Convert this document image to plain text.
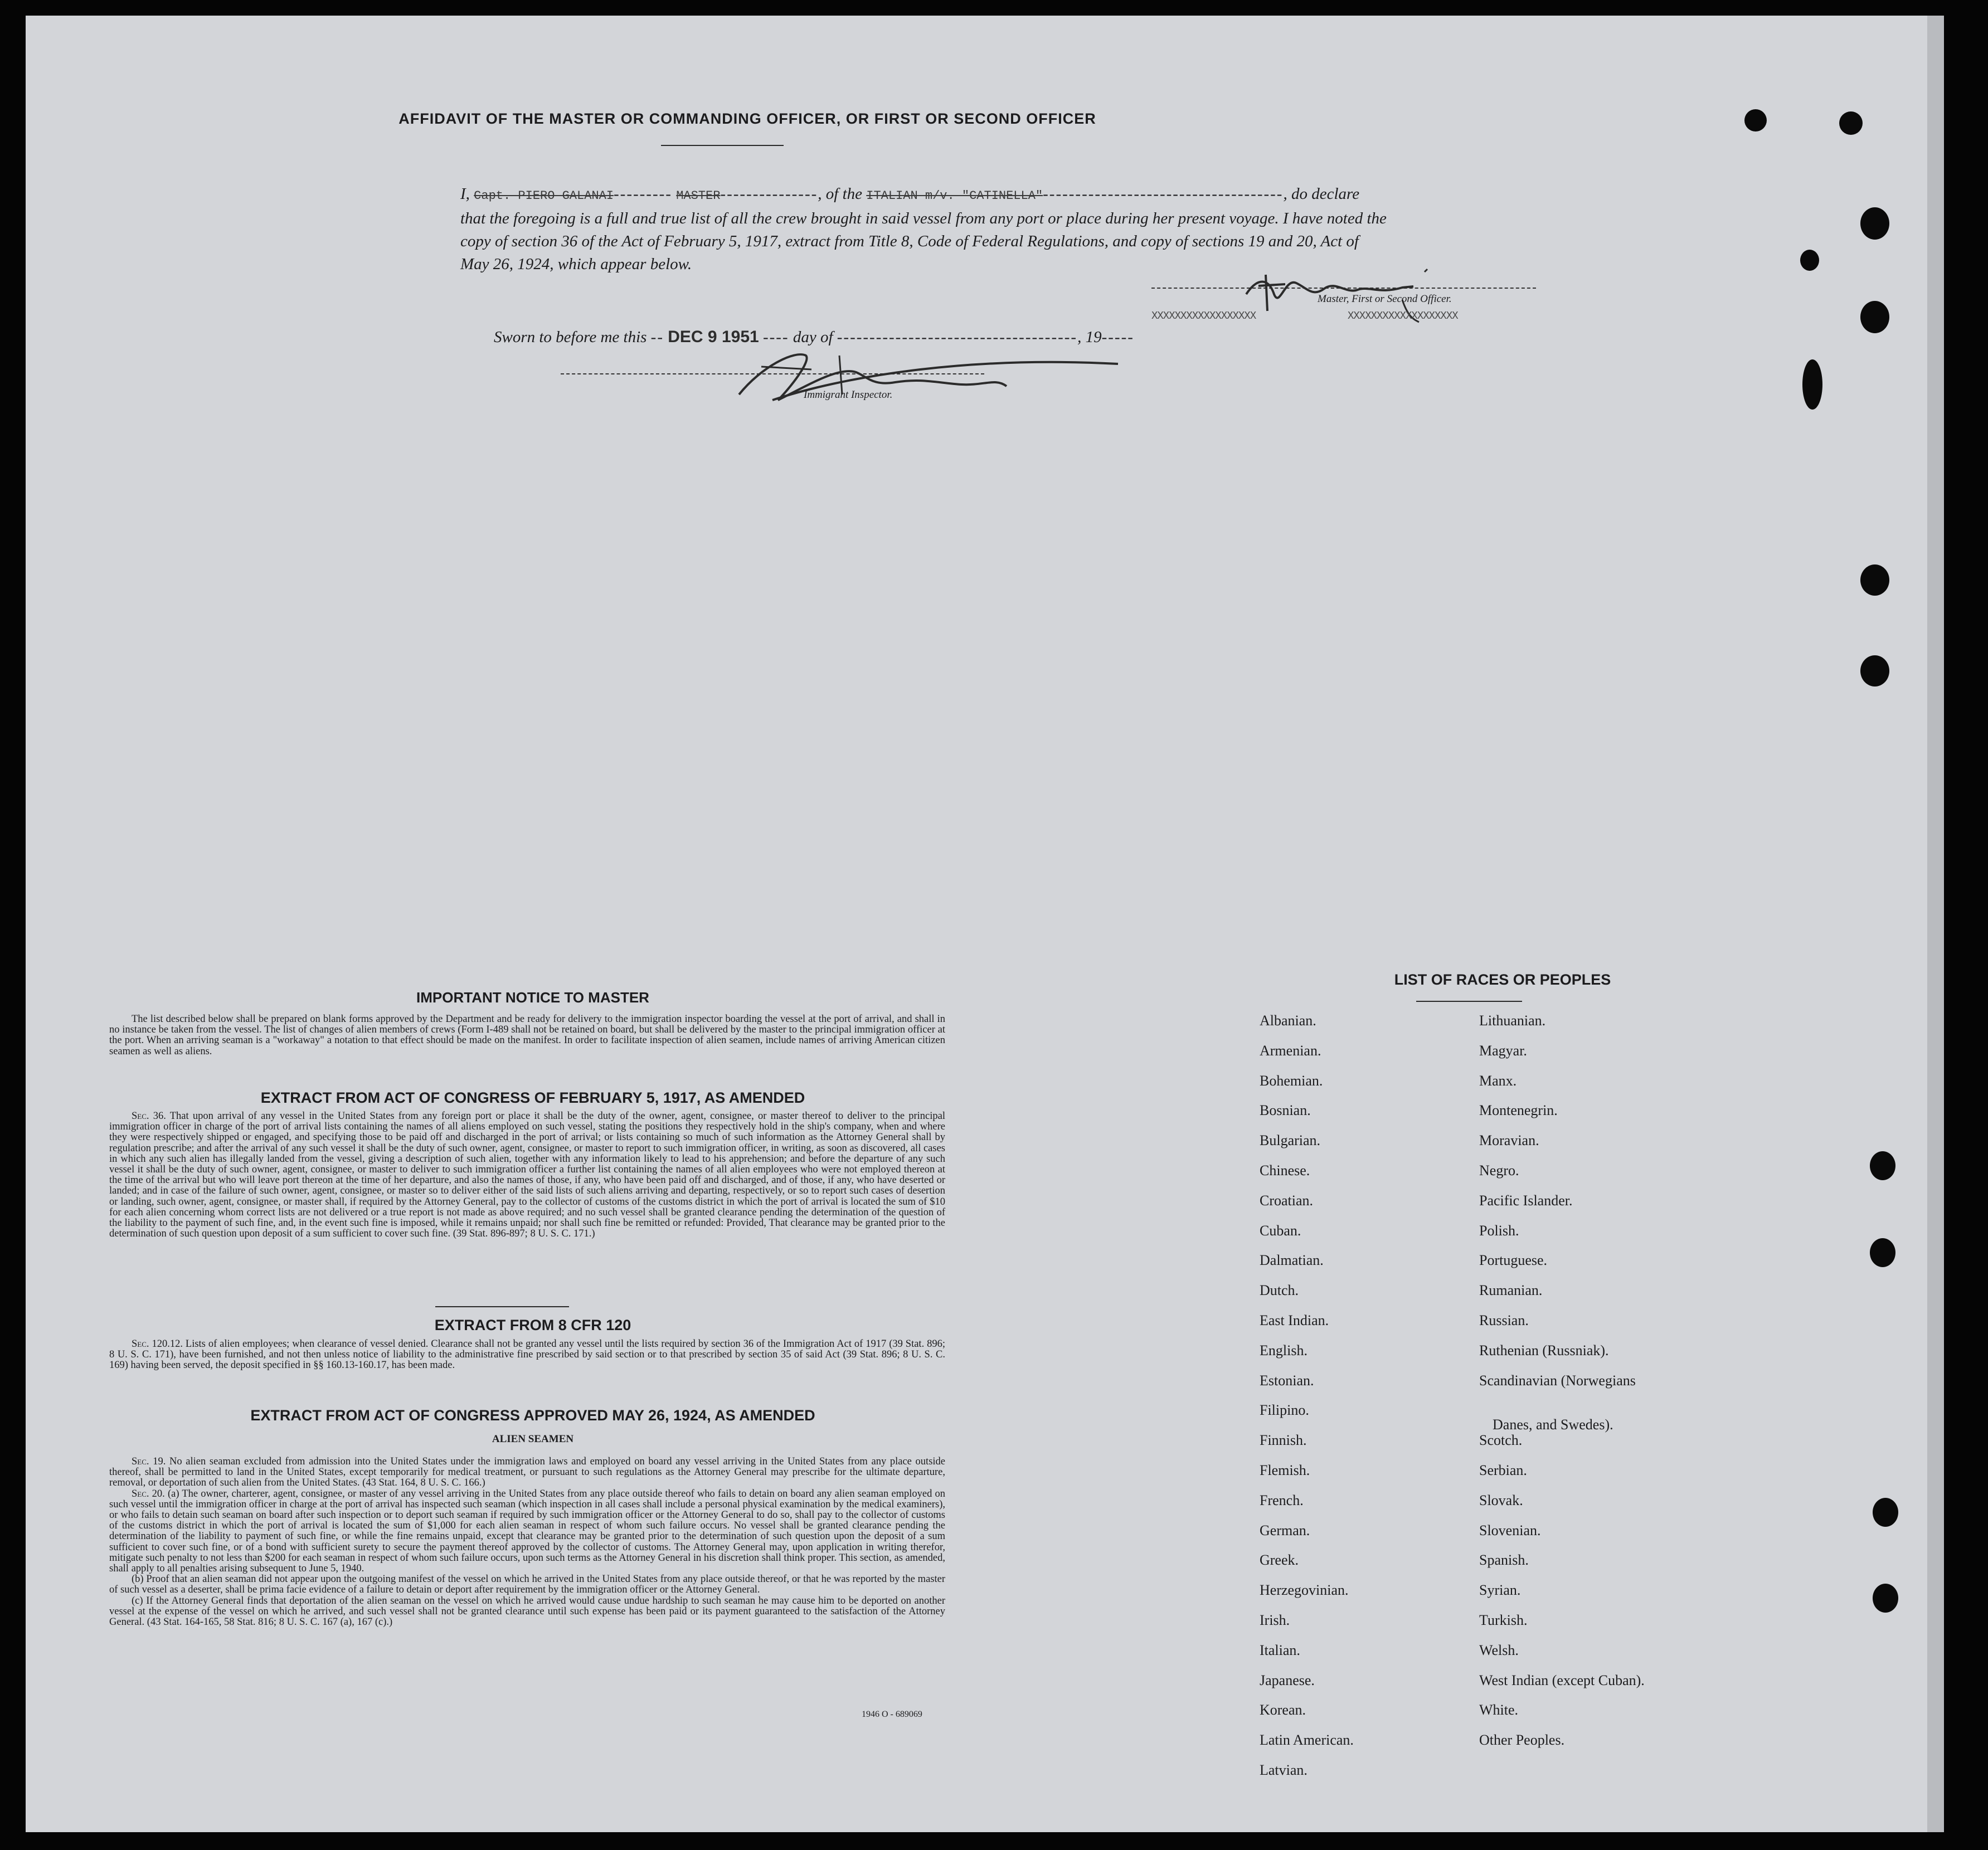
AFFIDAVIT OF THE MASTER OR COMMANDING OFFICER, OR FIRST OR SECOND OFFICER

I, Capt. PIERO GALANAI--------- MASTER---------------, of the ITALIAN m/v. "CATINELLA"-------------------------------------, do declare

that the foregoing is a full and true list of all the crew brought in said vessel from any port or place during her present voyage. I have noted the

copy of section 36 of the Act of February 5, 1917, extract from Title 8, Code of Federal Regulations, and copy of sections 19 and 20, Act of

May 26, 1924, which appear below.

Master, First or Second Officer.
XXXXXXXXXXXXXXXXXX	XXXXXXXXXXXXXXXXXXX
Sworn to before me this -- DEC 9 1951 ---- day of -------------------------------------, 19-----
Immigrant Inspector.
IMPORTANT NOTICE TO MASTER

The list described below shall be prepared on blank forms approved by the Department and be ready for delivery to the immigration inspector boarding the vessel at the port of arrival, and shall in no instance be taken from the vessel. The list of changes of alien members of crews (Form I-489 shall not be retained on board, but shall be delivered by the master to the principal immigration officer at the port. When an arriving seaman is a "workaway" a notation to that effect should be made on the manifest. In order to facilitate inspection of alien seamen, include names of arriving American citizen seamen as well as aliens.

EXTRACT FROM ACT OF CONGRESS OF FEBRUARY 5, 1917, AS AMENDED

Sec. 36. That upon arrival of any vessel in the United States from any foreign port or place it shall be the duty of the owner, agent, consignee, or master thereof to deliver to the principal immigration officer in charge of the port of arrival lists containing the names of all aliens employed on such vessel, stating the positions they respectively hold in the ship's company, when and where they were respectively shipped or engaged, and specifying those to be paid off and discharged in the port of arrival; or lists containing so much of such information as the Attorney General shall by regulation prescribe; and after the arrival of any such vessel it shall be the duty of such owner, agent, consignee, or master to report to such immigration officer, in writing, as soon as discovered, all cases in which any such alien has illegally landed from the vessel, giving a description of such alien, together with any information likely to lead to his apprehension; and before the departure of any such vessel it shall be the duty of such owner, agent, consignee, or master to deliver to such immigration officer a further list containing the names of all alien employees who were not employed thereon at the time of the arrival but who will leave port thereon at the time of her departure, and also the names of those, if any, who have been paid off and discharged, and of those, if any, who have deserted or landed; and in case of the failure of such owner, agent, consignee, or master so to deliver either of the said lists of such aliens arriving and departing, respectively, or so to report such cases of desertion or landing, such owner, agent, consignee, or master shall, if required by the Attorney General, pay to the collector of customs of the customs district in which the port of arrival is located the sum of $10 for each alien concerning whom correct lists are not delivered or a true report is not made as above required; and no such vessel shall be granted clearance pending the determination of the question of the liability to the payment of such fine, and, in the event such fine is imposed, while it remains unpaid; nor shall such fine be remitted or refunded: Provided, That clearance may be granted prior to the determination of such question upon deposit of a sum sufficient to cover such fine. (39 Stat. 896-897; 8 U. S. C. 171.)

EXTRACT FROM 8 CFR 120

Sec. 120.12. Lists of alien employees; when clearance of vessel denied. Clearance shall not be granted any vessel until the lists required by section 36 of the Immigration Act of 1917 (39 Stat. 896; 8 U. S. C. 171), have been furnished, and not then unless notice of liability to the administrative fine prescribed by said section or to that prescribed by section 35 of said Act (39 Stat. 896; 8 U. S. C. 169) having been served, the deposit specified in §§ 160.13-160.17, has been made.

EXTRACT FROM ACT OF CONGRESS APPROVED MAY 26, 1924, AS AMENDED
ALIEN SEAMEN

Sec. 19. No alien seaman excluded from admission into the United States under the immigration laws and employed on board any vessel arriving in the United States from any place outside thereof, shall be permitted to land in the United States, except temporarily for medical treatment, or pursuant to such regulations as the Attorney General may prescribe for the ultimate departure, removal, or deportation of such alien from the United States. (43 Stat. 164, 8 U. S. C. 166.)

Sec. 20. (a) The owner, charterer, agent, consignee, or master of any vessel arriving in the United States from any place outside thereof who fails to detain on board any alien seaman employed on such vessel until the immigration officer in charge at the port of arrival has inspected such seaman (which inspection in all cases shall include a personal physical examination by the medical examiners), or who fails to detain such seaman on board after such inspection or to deport such seaman if required by such immigration officer or the Attorney General to do so, shall pay to the collector of customs of the customs district in which the port of arrival is located the sum of $1,000 for each alien seaman in respect of whom such failure occurs. No vessel shall be granted clearance pending the determination of the liability to payment of such fine, or while the fine remains unpaid, except that clearance may be granted prior to the determination of such question upon the deposit of a sum sufficient to cover such fine, or of a bond with sufficient surety to secure the payment thereof approved by the collector of customs. The Attorney General may, upon application in writing therefor, mitigate such penalty to not less than $200 for each seaman in respect of whom such failure occurs, upon such terms as the Attorney General in his discretion shall think proper. This section, as amended, shall apply to all penalties arising subsequent to June 5, 1940.

(b) Proof that an alien seaman did not appear upon the outgoing manifest of the vessel on which he arrived in the United States from any place outside thereof, or that he was reported by the master of such vessel as a deserter, shall be prima facie evidence of a failure to detain or deport after requirement by the immigration officer or the Attorney General.

(c) If the Attorney General finds that deportation of the alien seaman on the vessel on which he arrived would cause undue hardship to such seaman he may cause him to be deported on another vessel at the expense of the vessel on which he arrived, and such vessel shall not be granted clearance until such expense has been paid or its payment guaranteed to the satisfaction of the Attorney General. (43 Stat. 164-165, 58 Stat. 816; 8 U. S. C. 167 (a), 167 (c).)

1946 O - 689069
LIST OF RACES OR PEOPLES
Albanian.
Armenian.
Bohemian.
Bosnian.
Bulgarian.
Chinese.
Croatian.
Cuban.
Dalmatian.
Dutch.
East Indian.
English.
Estonian.
Filipino.
Finnish.
Flemish.
French.
German.
Greek.
Herzegovinian.
Irish.
Italian.
Japanese.
Korean.
Latin American.
Latvian.
Lithuanian.
Magyar.
Manx.
Montenegrin.
Moravian.
Negro.
Pacific Islander.
Polish.
Portuguese.
Rumanian.
Russian.
Ruthenian (Russniak).
Scandinavian (Norwegians
Danes, and Swedes).
Scotch.
Serbian.
Slovak.
Slovenian.
Spanish.
Syrian.
Turkish.
Welsh.
West Indian (except Cuban).
White.
Other Peoples.
